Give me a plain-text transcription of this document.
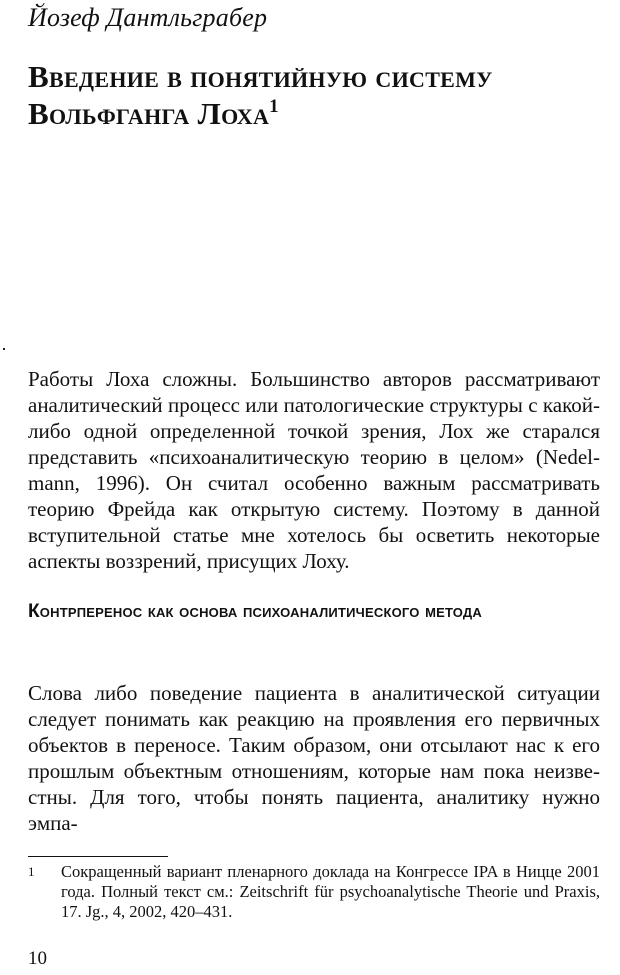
Йозеф Дантльграбер
Введение в понятийную систему Вольфганга Лоха$^1$

Работы Лоха сложны. Большинство авторов рассматривают аналитический процесс или патологические структуры с какой-либо одной определенной точкой зрения, Лох же старался представить «психоаналитическую теорию в целом» (Nedelmann, 1996). Он считал особенно важным рассматривать теорию Фрейда как открытую систему. Поэтому в данной вступительной статье мне хотелось бы осветить некоторые аспекты воззрений, присущих Лоху.

Контрперенос как основа психоаналитического метода

Слова либо поведение пациента в аналитической ситуации следует понимать как реакцию на проявления его первичных объектов в переносе. Таким образом, они отсылают нас к его прошлым объектным отношениям, которые нам пока неизвестны. Для того, чтобы понять пациента, аналитику нужно эмпа-

1 Сокращенный вариант пленарного доклада на Конгрессе IPA в Ницце 2001 года. Полный текст см.: Zeitschrift für psychoanalytische Theorie und Praxis, 17. Jg., 4, 2002, 420–431.
10
